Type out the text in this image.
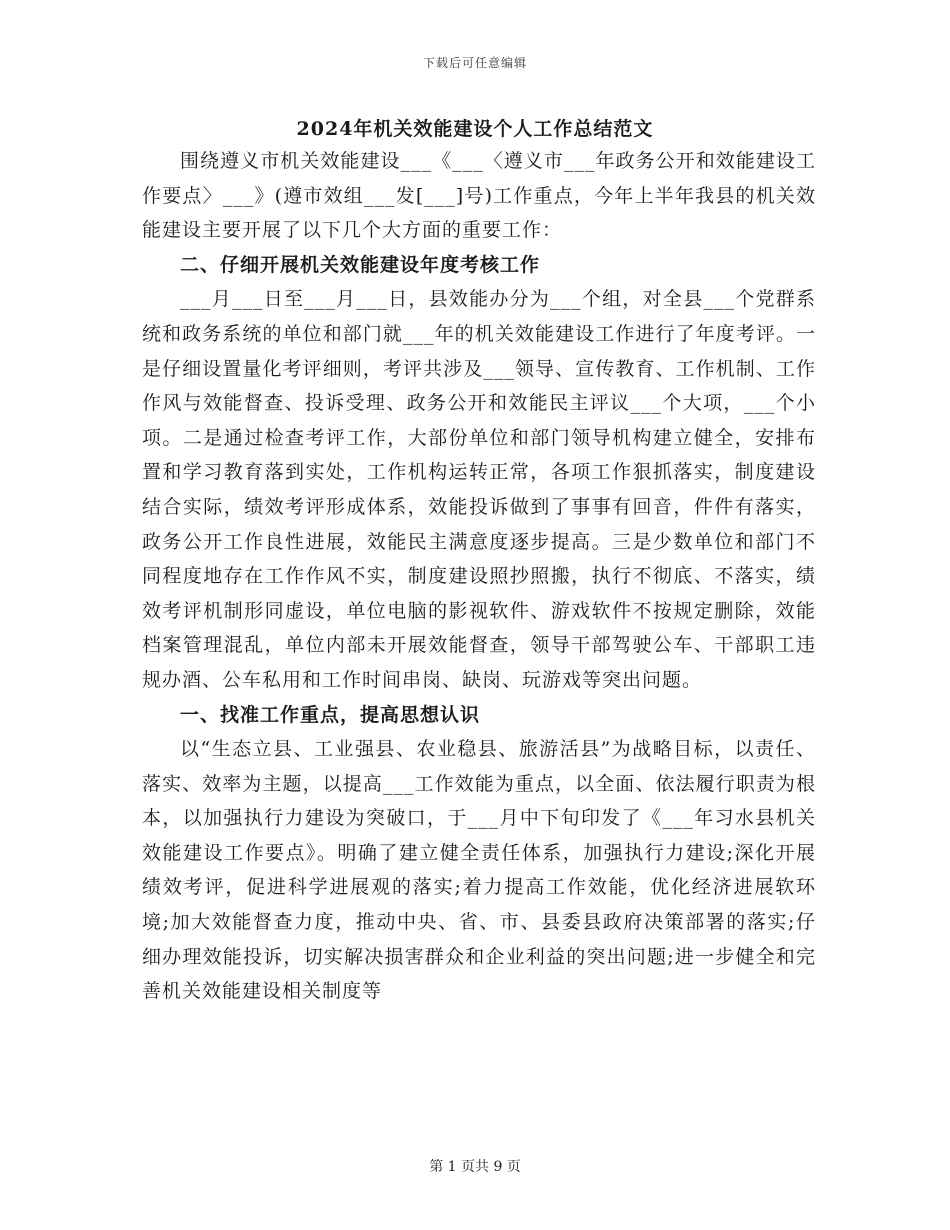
下载后可任意编辑
2024年机关效能建设个人工作总结范文

围绕遵义市机关效能建设___《___〈遵义市___年政务公开和效能建设工作要点〉___》(遵市效组___发[___]号)工作重点，今年上半年我县的机关效能建设主要开展了以下几个大方面的重要工作：

二、仔细开展机关效能建设年度考核工作

___月___日至___月___日，县效能办分为___个组，对全县___个党群系统和政务系统的单位和部门就___年的机关效能建设工作进行了年度考评。一是仔细设置量化考评细则，考评共涉及___领导、宣传教育、工作机制、工作作风与效能督查、投诉受理、政务公开和效能民主评议___个大项，___个小项。二是通过检查考评工作，大部份单位和部门领导机构建立健全，安排布置和学习教育落到实处，工作机构运转正常，各项工作狠抓落实，制度建设结合实际，绩效考评形成体系，效能投诉做到了事事有回音，件件有落实，政务公开工作良性进展，效能民主满意度逐步提高。三是少数单位和部门不同程度地存在工作作风不实，制度建设照抄照搬，执行不彻底、不落实，绩效考评机制形同虚设，单位电脑的影视软件、游戏软件不按规定删除，效能档案管理混乱，单位内部未开展效能督查，领导干部驾驶公车、干部职工违规办酒、公车私用和工作时间串岗、缺岗、玩游戏等突出问题。

一、找准工作重点，提高思想认识

以“生态立县、工业强县、农业稳县、旅游活县”为战略目标，以责任、落实、效率为主题，以提高___工作效能为重点，以全面、依法履行职责为根本，以加强执行力建设为突破口，于___月中下旬印发了《___年习水县机关效能建设工作要点》。明确了建立健全责任体系，加强执行力建设;深化开展绩效考评，促进科学进展观的落实;着力提高工作效能，优化经济进展软环境;加大效能督查力度，推动中央、省、市、县委县政府决策部署的落实;仔细办理效能投诉，切实解决损害群众和企业利益的突出问题;进一步健全和完善机关效能建设相关制度等

第 1 页共 9 页
